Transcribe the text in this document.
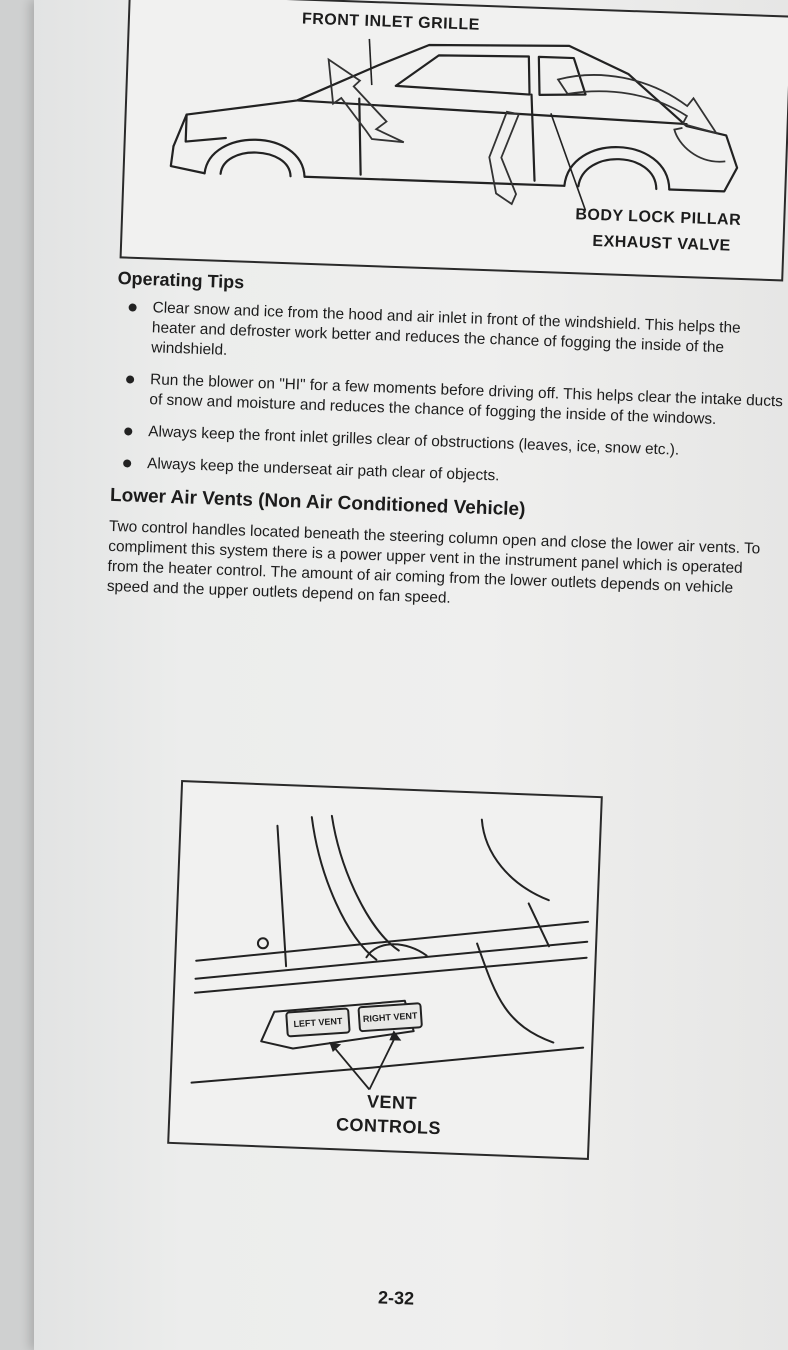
FRONT INLET GRILLE
BODY LOCK PILLAR
EXHAUST VALVE
Operating Tips
Clear snow and ice from the hood and air inlet in front of the windshield. This helps the heater and defroster work better and reduces the chance of fogging the inside of the windshield.
Run the blower on "HI" for a few moments before driving off. This helps clear the intake ducts of snow and moisture and reduces the chance of fogging the inside of the windows.
Always keep the front inlet grilles clear of obstructions (leaves, ice, snow etc.).
Always keep the underseat air path clear of objects.
Lower Air Vents (Non Air Conditioned Vehicle)

Two control handles located beneath the steering column open and close the lower air vents. To compliment this system there is a power upper vent in the instrument panel which is operated from the heater control. The amount of air coming from the lower outlets depends on vehicle speed and the upper outlets depend on fan speed.

LEFT VENT	RIGHT VENT
VENT
CONTROLS
2-32
